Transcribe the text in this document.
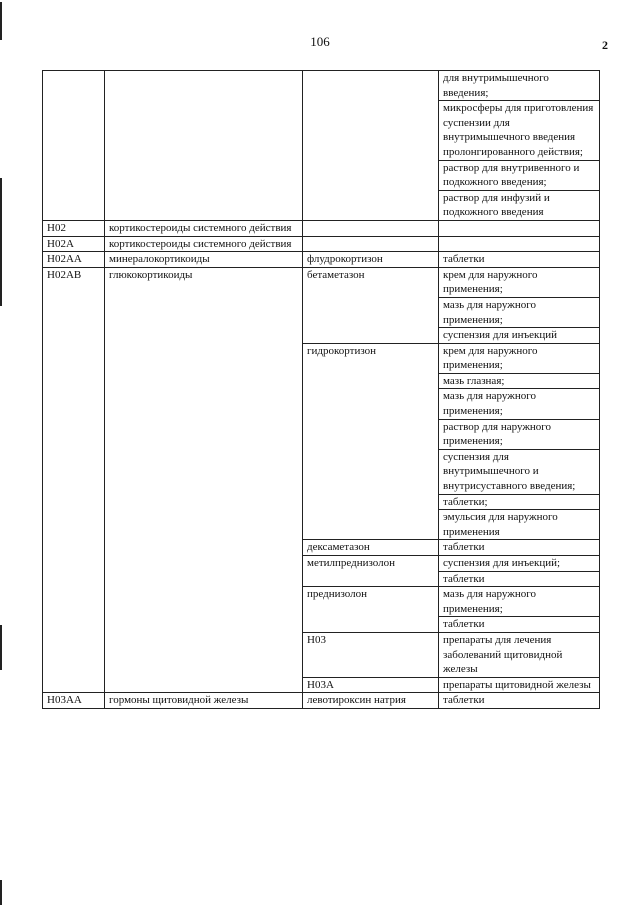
106	2
			для внутримышечного введения;	
			микросферы для приготовления суспензии для внутримышечного введения пролонгированного действия;	
			раствор для внутривенного и подкожного введения;	
			раствор для инфузий и подкожного введения	
H02	кортикостероиды системного действия			
H02A	кортикостероиды системного действия			
H02AA	минералокортикоиды	флудрокортизон	таблетки	
H02AB	глюкокортикоиды	бетаметазон	крем для наружного применения;	
			мазь для наружного применения;	
			суспензия для инъекций	
		гидрокортизон	крем для наружного применения;	
			мазь глазная;	
			мазь для наружного применения;	
			раствор для наружного применения;	
			суспензия для внутримышечного и внутрисуставного введения;	
			таблетки;	
			эмульсия для наружного применения	
		дексаметазон	таблетки	
		метилпреднизолон	суспензия для инъекций;	
			таблетки	
		преднизолон	мазь для наружного применения;	
			таблетки	
		H03	препараты для лечения заболеваний щитовидной железы		
		H03A	препараты щитовидной железы		
H03AA	гормоны щитовидной железы	левотироксин натрия	таблетки	
